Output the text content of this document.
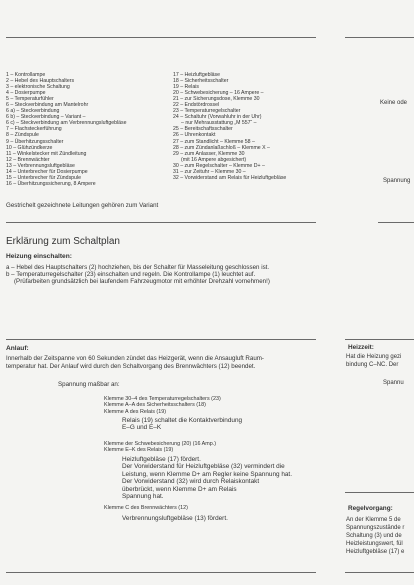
1 – Kontrollampe
2 – Hebel des Hauptschalters
3 – elektronische Schaltung
4 – Dosierpumpe
5 – Temperaturfühler
6 – Steckverbindung am Mantelrohr
6 a) – Steckverbindung
6 b) – Steckverbindung – Variant –
6 c) – Steckverbindung am Verbrennungsluftgebläse
7 – Flachsteckerführung
8 – Zündspule
9 – Überhitzungsschalter
10 – Glühzündkerze
11 – Winkelstecker mit Zündleitung
12 – Brennwächter
13 – Verbrennungsluftgebläse
14 – Unterbrecher für Dosierpumpe
15 – Unterbrecher für Zündspule
16 – Überhitzungssicherung, 8 Ampere
17 – Heizluftgebläse
18 – Sicherheitsschalter
19 – Relais
20 – Schwebesicherung – 16 Ampere –
21 – zur Sicherungsdose, Klemme 30
22 – Endstördrossel
23 – Temperaturregelschalter
24 – Schaltuhr (Vorwahluhr in der Uhr)
– nur Mehrausstattung „M 557“ –
25 – Bereitschaftsschalter
26 – Uhrenkontakt
27 – zum Standlicht – Klemme 58 –
28 – zum Zündanlaßschloß – Klemme X –
29 – zum Anlasser, Klemme 30
(mit 16 Ampere abgesichert)
30 – zum Regelschalter – Klemme D+ –
31 – zur Zeituhr – Klemme 30 –
32 – Vorwiderstand am Relais für Heizluftgebläse
Keine ode
Spannung
Gestrichelt gezeichnete Leitungen gehören zum Variant
Erklärung zum Schaltplan
Heizung einschalten:
a – Hebel des Hauptschalters (2) hochziehen, bis der Schalter für Masseleitung geschlossen ist.
b – Temperaturregelschalter (23) einschalten und regeln. Die Kontrollampe (1) leuchtet auf.
(Prüfarbeiten grundsätzlich bei laufendem Fahrzeugmotor mit erhöhter Drehzahl vornehmen!)
Heizzeit:
Hat die Heizung gezi
bindung C–NC. Der
Spannu
Anlauf:
Innerhalb der Zeitspanne von 60 Sekunden zündet das Heizgerät, wenn die Ansaugluft Raum-
temperatur hat. Der Anlauf wird durch den Schaltvorgang des Brennwächters (12) beendet.
Spannung maßbar an:
Klemme 30–4 des Temperaturregelschalters (23)
Klemme A–A des Sicherheitsschalters (18)
Klemme A des Relais (19)
Relais (19) schaltet die Kontaktverbindung
E–G und E–K
Klemme der Schwebesicherung (20) (16 Amp.)
Klemme E–K des Relais (19)
Heizluftgebläse (17) fördert.
Der Vorwiderstand für Heizluftgebläse (32) vermindert die
Leistung, wenn Klemme D+ am Regler keine Spannung hat.
Der Vorwiderstand (32) wird durch Relaiskontakt
überbrückt, wenn Klemme D+ am Relais
Spannung hat.
Klemme C des Brennwächters (12)
Verbrennungsluftgebläse (13) fördert.
Regelvorgang:
An der Klemme 5 de
Spannungszustände r
Schaltung (3) und de
Heizleistungswert, fül
Heizluftgebläse (17) e
